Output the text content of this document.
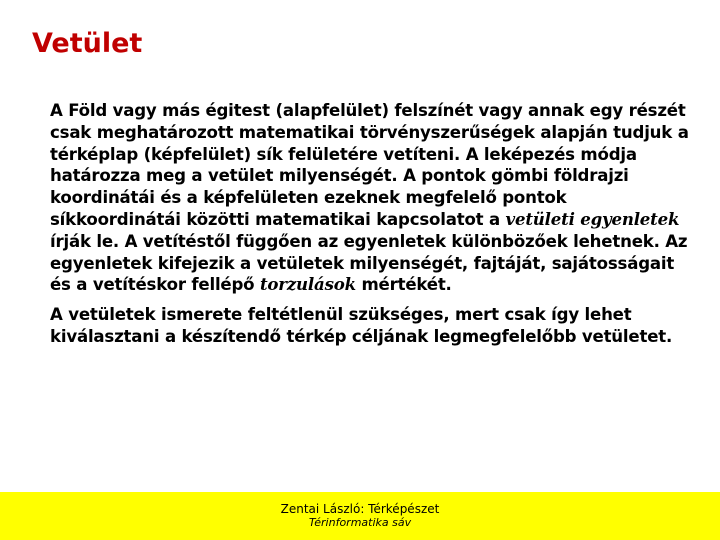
Vetület

A Föld vagy más égitest (alapfelület) felszínét vagy annak egy részét csak meghatározott matematikai törvényszerűségek alapján tudjuk a térképlap (képfelület) sík felületére vetíteni. A leképezés módja határozza meg a vetület milyenségét. A pontok gömbi földrajzi koordinátái és a képfelületen ezeknek megfelelő pontok síkkoordinátái közötti matematikai kapcsolatot a vetületi egyenletek írják le. A vetítéstől függően az egyenletek különbözőek lehetnek. Az egyenletek kifejezik a vetületek milyenségét, fajtáját, sajátosságait és a vetítéskor fellépő torzulások mértékét.

A vetületek ismerete feltétlenül szükséges, mert csak így lehet kiválasztani a készítendő térkép céljának legmegfelelőbb vetületet.

Zentai László: Térképészet
Térinformatika sáv
